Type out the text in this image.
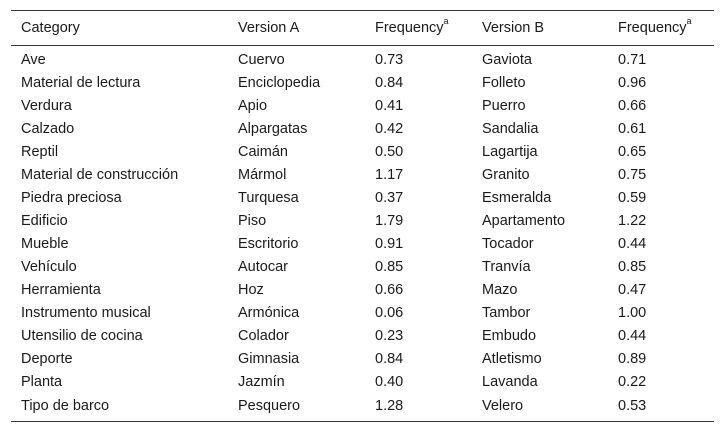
Category	Version A	Frequency$^a$	Version B	Frequency$^a$
Ave	Cuervo	0.73	Gaviota	0.71
Material de lectura	Enciclopedia	0.84	Folleto	0.96
Verdura	Apio	0.41	Puerro	0.66
Calzado	Alpargatas	0.42	Sandalia	0.61
Reptil	Caimán	0.50	Lagartija	0.65
Material de construcción	Mármol	1.17	Granito	0.75
Piedra preciosa	Turquesa	0.37	Esmeralda	0.59
Edificio	Piso	1.79	Apartamento	1.22
Mueble	Escritorio	0.91	Tocador	0.44
Vehículo	Autocar	0.85	Tranvía	0.85
Herramienta	Hoz	0.66	Mazo	0.47
Instrumento musical	Armónica	0.06	Tambor	1.00
Utensilio de cocina	Colador	0.23	Embudo	0.44
Deporte	Gimnasia	0.84	Atletismo	0.89
Planta	Jazmín	0.40	Lavanda	0.22
Tipo de barco	Pesquero	1.28	Velero	0.53
